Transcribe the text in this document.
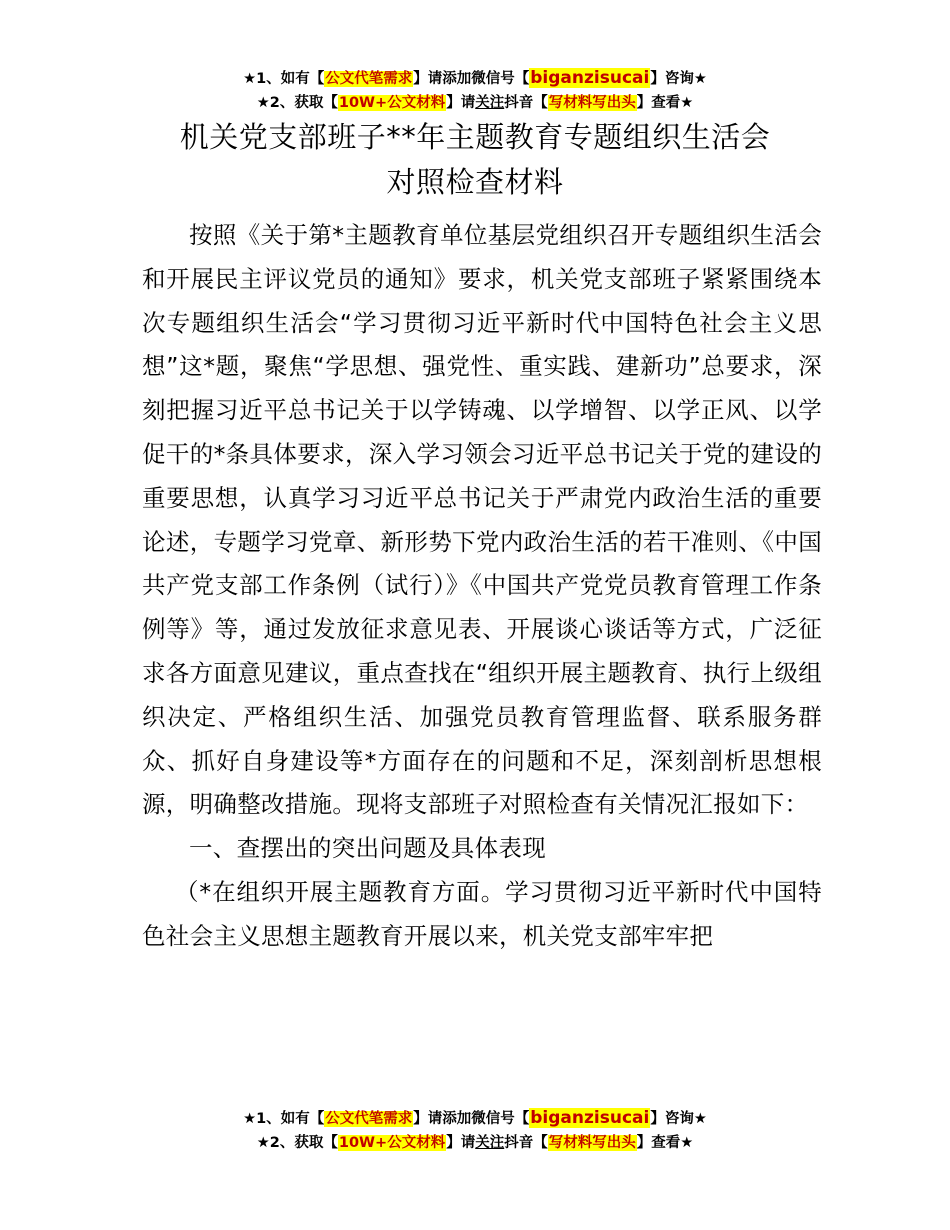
★1、如有【公文代笔需求】请添加微信号【biganzisucai】咨询★
★2、获取【10W+公文材料】请关注抖音【写材料写出头】查看★
机关党支部班子**年主题教育专题组织生活会
对照检查材料

按照《关于第*主题教育单位基层党组织召开专题组织生活会和开展民主评议党员的通知》要求，机关党支部班子紧紧围绕本次专题组织生活会“学习贯彻习近平新时代中国特色社会主义思想”这*题，聚焦“学思想、强党性、重实践、建新功”总要求，深刻把握习近平总书记关于以学铸魂、以学增智、以学正风、以学促干的*条具体要求，深入学习领会习近平总书记关于党的建设的重要思想，认真学习习近平总书记关于严肃党内政治生活的重要论述，专题学习党章、新形势下党内政治生活的若干准则、《中国共产党支部工作条例（试行）》《中国共产党党员教育管理工作条例等》等，通过发放征求意见表、开展谈心谈话等方式，广泛征求各方面意见建议，重点查找在“组织开展主题教育、执行上级组织决定、严格组织生活、加强党员教育管理监督、联系服务群众、抓好自身建设等*方面存在的问题和不足，深刻剖析思想根源，明确整改措施。现将支部班子对照检查有关情况汇报如下：

一、查摆出的突出问题及具体表现

（*在组织开展主题教育方面。学习贯彻习近平新时代中国特色社会主义思想主题教育开展以来，机关党支部牢牢把

★1、如有【公文代笔需求】请添加微信号【biganzisucai】咨询★
★2、获取【10W+公文材料】请关注抖音【写材料写出头】查看★
